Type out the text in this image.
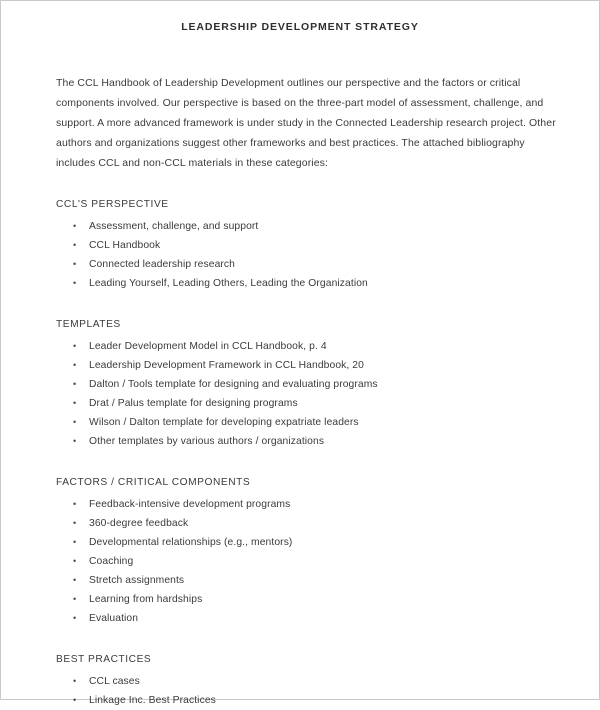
LEADERSHIP DEVELOPMENT STRATEGY

The CCL Handbook of Leadership Development outlines our perspective and the factors or critical components involved. Our perspective is based on the three-part model of assessment, challenge, and support. A more advanced framework is under study in the Connected Leadership research project. Other authors and organizations suggest other frameworks and best practices. The attached bibliography includes CCL and non-CCL materials in these categories:

CCL'S PERSPECTIVE
• Assessment, challenge, and support
• CCL Handbook
• Connected leadership research
• Leading Yourself, Leading Others, Leading the Organization
TEMPLATES
• Leader Development Model in CCL Handbook, p. 4
• Leadership Development Framework in CCL Handbook, 20
• Dalton / Tools template for designing and evaluating programs
• Drat / Palus template for designing programs
• Wilson / Dalton template for developing expatriate leaders
• Other templates by various authors / organizations
FACTORS / CRITICAL COMPONENTS
• Feedback-intensive development programs
• 360-degree feedback
• Developmental relationships (e.g., mentors)
• Coaching
• Stretch assignments
• Learning from hardships
• Evaluation
BEST PRACTICES
• CCL cases
• Linkage Inc. Best Practices
